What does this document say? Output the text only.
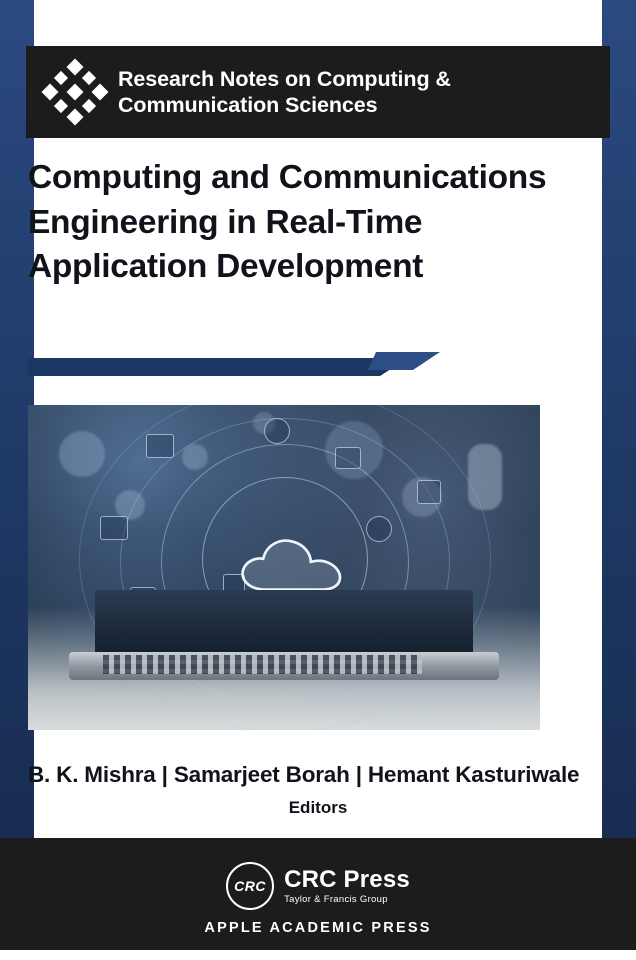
Research Notes on Computing &
Communication Sciences
Computing and Communications
Engineering in Real-Time
Application Development
B. K. Mishra | Samarjeet Borah | Hemant Kasturiwale
Editors
CRC CRC Press
Taylor & Francis Group
APPLE ACADEMIC PRESS
